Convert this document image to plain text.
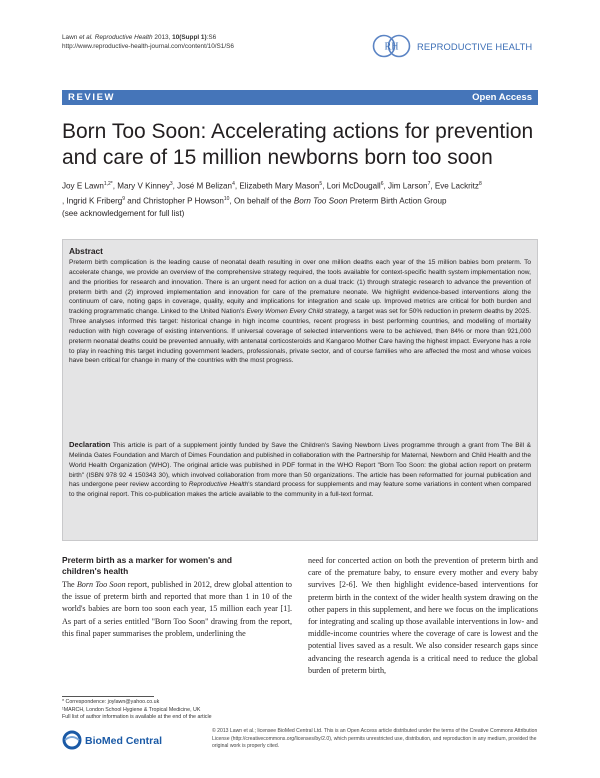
Lawn et al. Reproductive Health 2013, 10(Suppl 1):S6
http://www.reproductive-health-journal.com/content/10/S1/S6	RH REPRODUCTIVE HEALTH
REVIEW	Open Access
Born Too Soon: Accelerating actions for prevention
and care of 15 million newborns born too soon
Joy E Lawn$^{1,2*}$, Mary V Kinney$^3$, José M Belizan$^4$, Elizabeth Mary Mason$^5$, Lori McDougall$^6$, Jim Larson$^7$, Eve Lackritz$^8$
, Ingrid K Friberg$^9$ and Christopher P Howson$^{10}$, On behalf of the Born Too Soon Preterm Birth Action Group
(see acknowledgement for full list)
Abstract
Preterm birth complication is the leading cause of neonatal death resulting in over one million deaths each year of the 15 million babies born preterm. To accelerate change, we provide an overview of the comprehensive strategy required, the tools available for context-specific health system implementation now, and the priorities for research and innovation. There is an urgent need for action on a dual track: (1) through strategic research to advance the prevention of preterm birth and (2) improved implementation and innovation for care of the premature neonate. We highlight evidence-based interventions along the continuum of care, noting gaps in coverage, quality, equity and implications for integration and scale up. Improved metrics are critical for both burden and tracking programmatic change. Linked to the United Nation's Every Women Every Child strategy, a target was set for 50% reduction in preterm deaths by 2025. Three analyses informed this target: historical change in high income countries, recent progress in best performing countries, and modelling of mortality reduction with high coverage of existing interventions. If universal coverage of selected interventions were to be achieved, then 84% or more than 921,000 preterm neonatal deaths could be prevented annually, with antenatal corticosteroids and Kangaroo Mother Care having the highest impact. Everyone has a role to play in reaching this target including government leaders, professionals, private sector, and of course families who are affected the most and whose voices have been critical for change in many of the countries with the most progress.
Declaration This article is part of a supplement jointly funded by Save the Children's Saving Newborn Lives programme through a grant from The Bill & Melinda Gates Foundation and March of Dimes Foundation and published in collaboration with the Partnership for Maternal, Newborn and Child Health and the World Health Organization (WHO). The original article was published in PDF format in the WHO Report "Born Too Soon: the global action report on preterm birth" (ISBN 978 92 4 150343 30), which involved collaboration from more than 50 organizations. The article has been reformatted for journal publication and has undergone peer review according to Reproductive Health's standard process for supplements and may feature some variations in content when compared to the original report. This co-publication makes the article available to the community in a full-text format.
Preterm birth as a marker for women's and
children's health
The Born Too Soon report, published in 2012, drew global attention to the issue of preterm birth and reported that more than 1 in 10 of the world's babies are born too soon each year, 15 million each year [1]. As part of a series entitled "Born Too Soon" drawing from the report, this final paper summarises the problem, underlining the
need for concerted action on both the prevention of preterm birth and care of the premature baby, to ensure every mother and every baby survives [2-6]. We then highlight evidence-based interventions for preterm birth in the context of the wider health system drawing on the other papers in this supplement, and here we focus on the implications for integrating and scaling up those available interventions in low- and middle-income countries where the coverage of care is lowest and the potential lives saved as a result. We also consider research gaps since advancing the research agenda is a critical need to reduce the global burden of preterm birth,
* Correspondence: joylawn@yahoo.co.uk
¹MARCH, London School Hygiene & Tropical Medicine, UK
Full list of author information is available at the end of the article
BioMed Central
© 2013 Lawn et al.; licensee BioMed Central Ltd. This is an Open Access article distributed under the terms of the Creative Commons Attribution License (http://creativecommons.org/licenses/by/2.0), which permits unrestricted use, distribution, and reproduction in any medium, provided the original work is properly cited.
